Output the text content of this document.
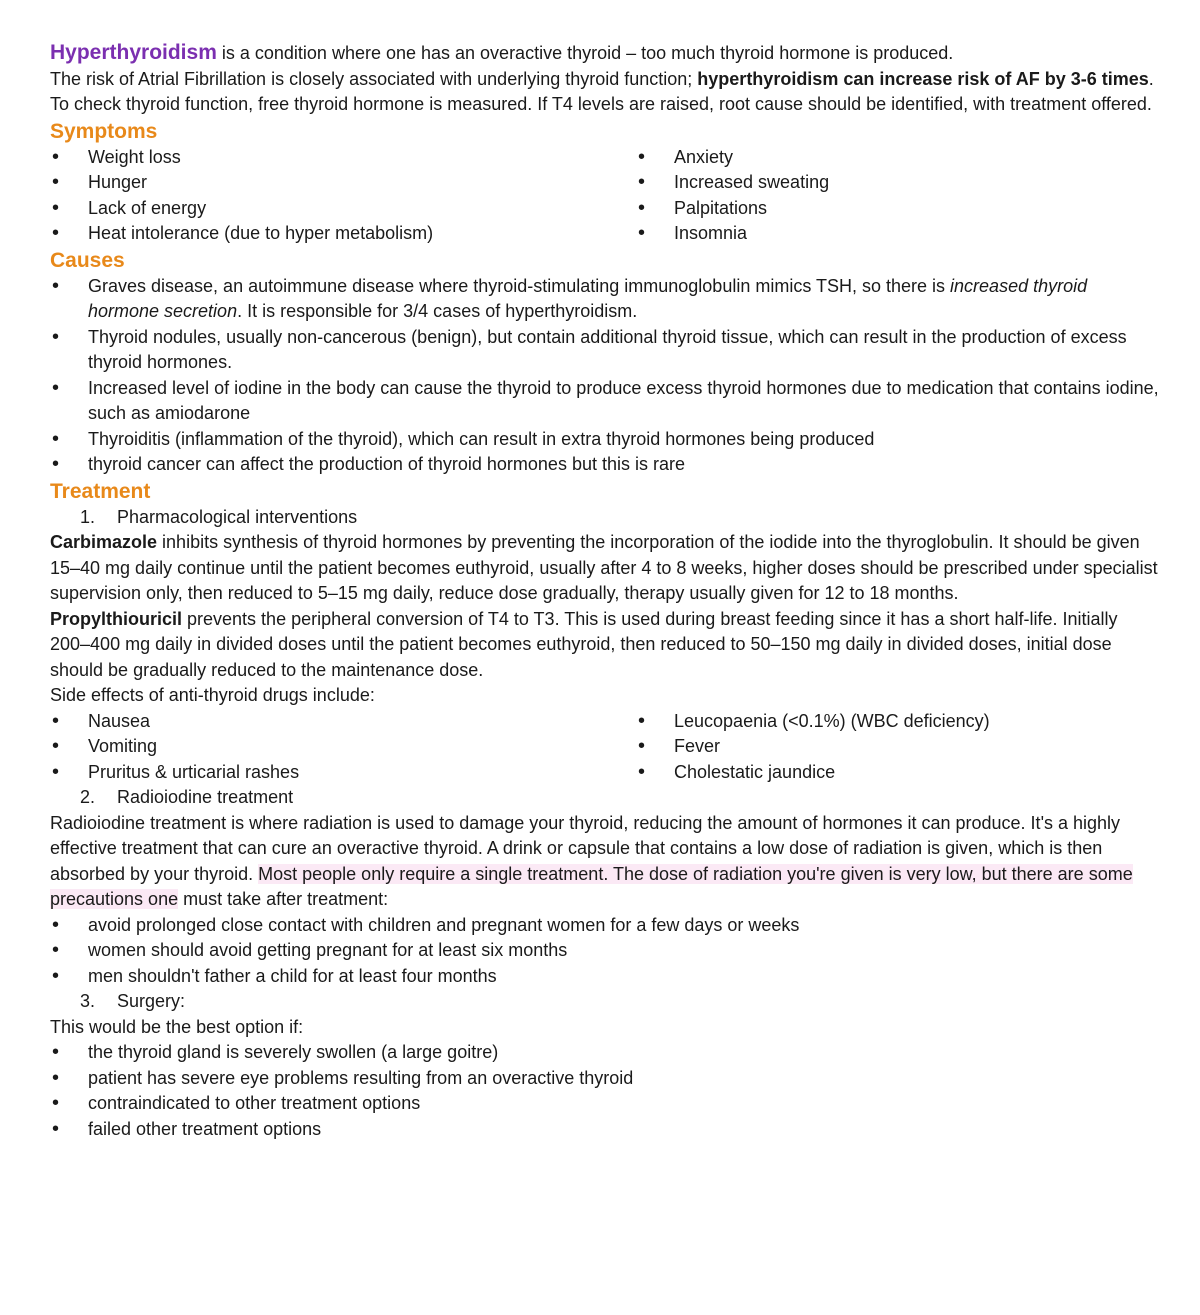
Hyperthyroidism is a condition where one has an overactive thyroid – too much thyroid hormone is produced.

The risk of Atrial Fibrillation is closely associated with underlying thyroid function; hyperthyroidism can increase risk of AF by 3-6 times. To check thyroid function, free thyroid hormone is measured. If T4 levels are raised, root cause should be identified, with treatment offered.

Symptoms
• Weight loss
• Hunger
• Lack of energy
• Heat intolerance (due to hyper metabolism)
• Anxiety
• Increased sweating
• Palpitations
• Insomnia
Causes
• Graves disease, an autoimmune disease where thyroid-stimulating immunoglobulin mimics TSH, so there is increased thyroid hormone secretion. It is responsible for 3/4 cases of hyperthyroidism.
• Thyroid nodules, usually non-cancerous (benign), but contain additional thyroid tissue, which can result in the production of excess thyroid hormones.
• Increased level of iodine in the body can cause the thyroid to produce excess thyroid hormones due to medication that contains iodine, such as amiodarone
• Thyroiditis (inflammation of the thyroid), which can result in extra thyroid hormones being produced
• thyroid cancer can affect the production of thyroid hormones but this is rare
Treatment

1. Pharmacological interventions

Carbimazole inhibits synthesis of thyroid hormones by preventing the incorporation of the iodide into the thyroglobulin. It should be given 15–40 mg daily continue until the patient becomes euthyroid, usually after 4 to 8 weeks, higher doses should be prescribed under specialist supervision only, then reduced to 5–15 mg daily, reduce dose gradually, therapy usually given for 12 to 18 months.

Propylthiouricil prevents the peripheral conversion of T4 to T3. This is used during breast feeding since it has a short half-life. Initially 200–400 mg daily in divided doses until the patient becomes euthyroid, then reduced to 50–150 mg daily in divided doses, initial dose should be gradually reduced to the maintenance dose.

Side effects of anti-thyroid drugs include:

• Nausea
• Vomiting
• Pruritus & urticarial rashes
• Leucopaenia (<0.1%) (WBC deficiency)
• Fever
• Cholestatic jaundice

2. Radioiodine treatment

Radioiodine treatment is where radiation is used to damage your thyroid, reducing the amount of hormones it can produce. It's a highly effective treatment that can cure an overactive thyroid. A drink or capsule that contains a low dose of radiation is given, which is then absorbed by your thyroid. Most people only require a single treatment. The dose of radiation you're given is very low, but there are some precautions one must take after treatment:

• avoid prolonged close contact with children and pregnant women for a few days or weeks
• women should avoid getting pregnant for at least six months
• men shouldn't father a child for at least four months

3. Surgery:

This would be the best option if:

• the thyroid gland is severely swollen (a large goitre)
• patient has severe eye problems resulting from an overactive thyroid
• contraindicated to other treatment options
• failed other treatment options
